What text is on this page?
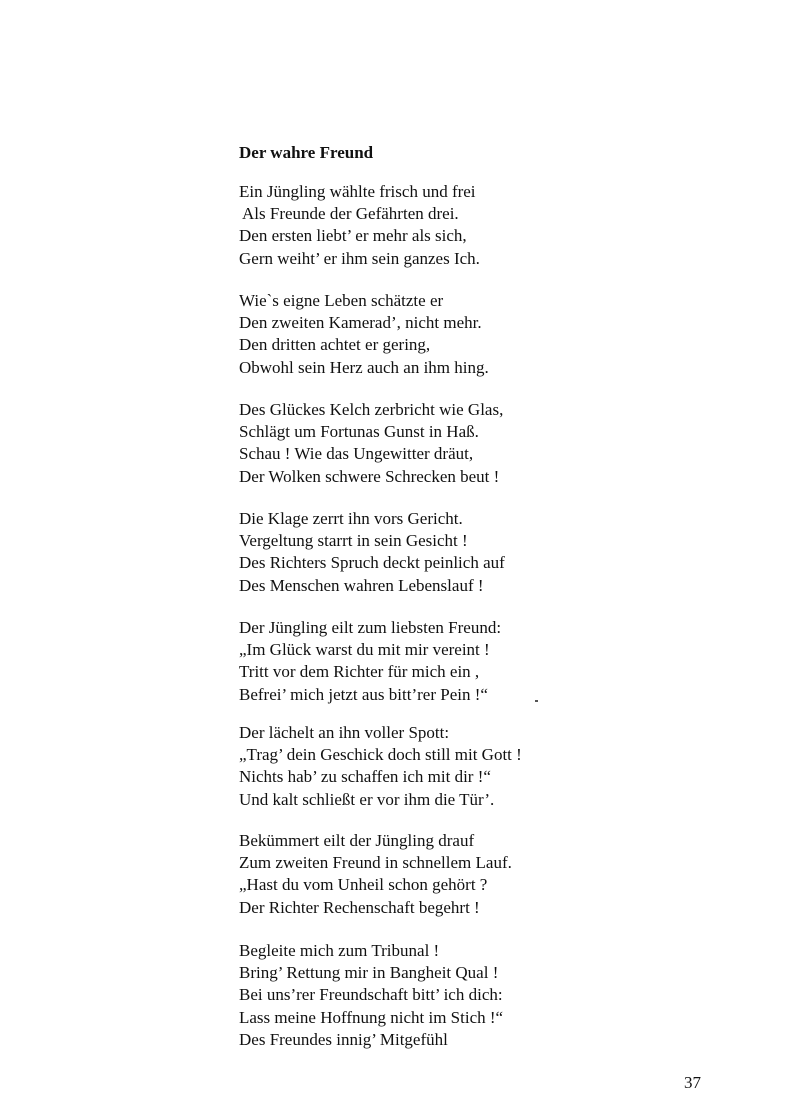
Der wahre Freund
Ein Jüngling wählte frisch und frei
Als Freunde der Gefährten drei.
Den ersten liebt’ er mehr als sich,
Gern weiht’ er ihm sein ganzes Ich.
Wie`s eigne Leben schätzte er
Den zweiten Kamerad’, nicht mehr.
Den dritten achtet er gering,
Obwohl sein Herz auch an ihm hing.
Des Glückes Kelch zerbricht wie Glas,
Schlägt um Fortunas Gunst in Haß.
Schau ! Wie das Ungewitter dräut,
Der Wolken schwere Schrecken beut !
Die Klage zerrt ihn vors Gericht.
Vergeltung starrt in sein Gesicht !
Des Richters Spruch deckt peinlich auf
Des Menschen wahren Lebenslauf !
Der Jüngling eilt zum liebsten Freund:
„Im Glück warst du mit mir vereint !
Tritt vor dem Richter für mich ein ,
Befrei’ mich jetzt aus bitt’rer Pein !“
Der lächelt an ihn voller Spott:
„Trag’ dein Geschick doch still mit Gott !
Nichts hab’ zu schaffen ich mit dir !“
Und kalt schließt er vor ihm die Tür’.
Bekümmert eilt der Jüngling drauf
Zum zweiten Freund in schnellem Lauf.
„Hast du vom Unheil schon gehört ?
Der Richter Rechenschaft begehrt !
Begleite mich zum Tribunal !
Bring’ Rettung mir in Bangheit Qual !
Bei uns’rer Freundschaft bitt’ ich dich:
Lass meine Hoffnung nicht im Stich !“
Des Freundes innig’ Mitgefühl

37
